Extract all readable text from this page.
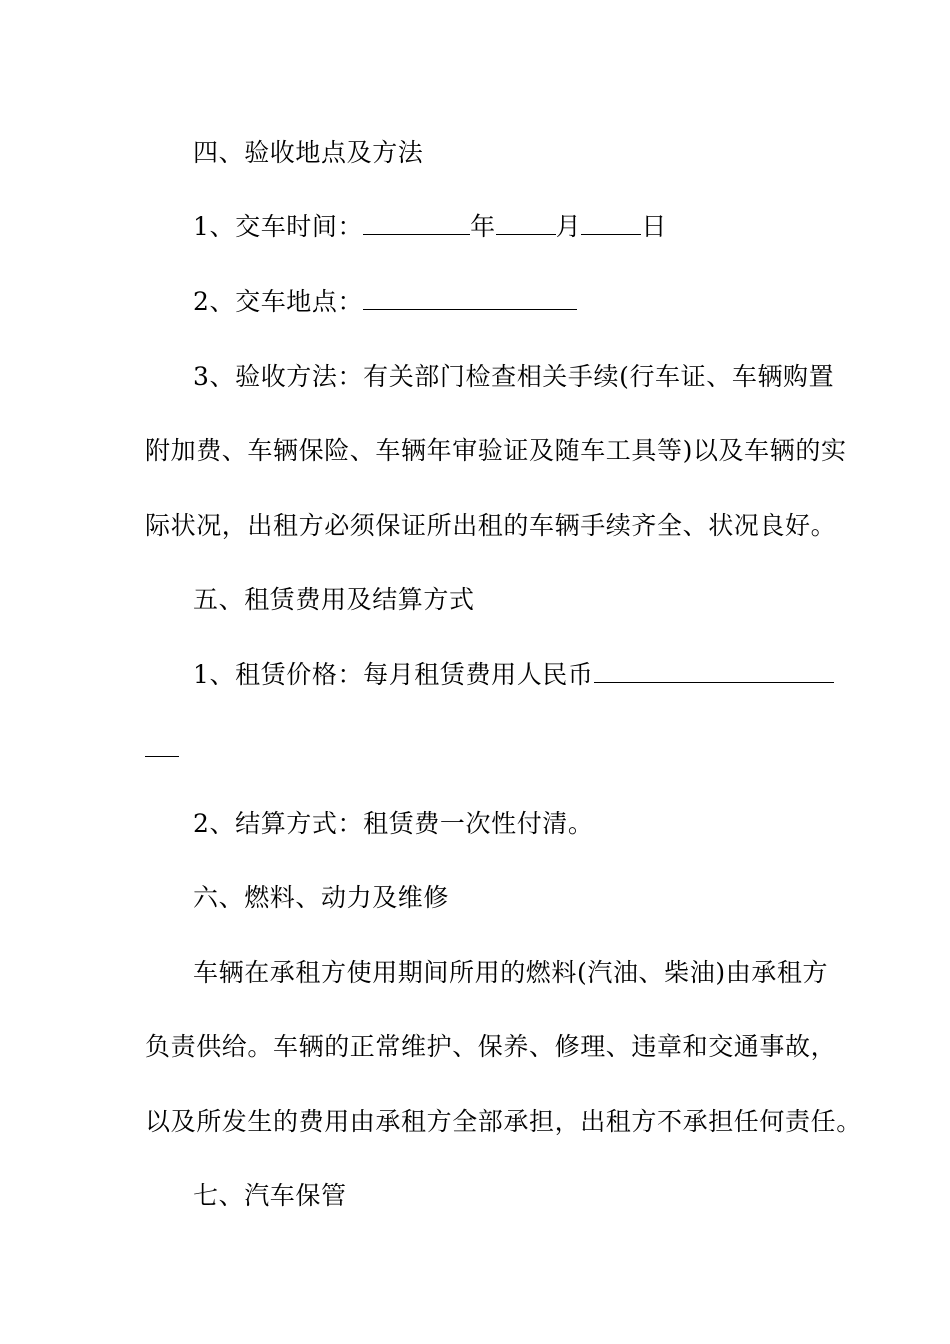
四、验收地点及方法
1、交车时间：	年 月 日
2、交车地点：
3、验收方法：有关部门检查相关手续(行车证、车辆购置
附加费、车辆保险、车辆年审验证及随车工具等)以及车辆的实
际状况，出租方必须保证所出租的车辆手续齐全、状况良好。
五、租赁费用及结算方式
1、租赁价格：每月租赁费用人民币
2、结算方式：租赁费一次性付清。
六、燃料、动力及维修
车辆在承租方使用期间所用的燃料(汽油、柴油)由承租方
负责供给。车辆的正常维护、保养、修理、违章和交通事故，
以及所发生的费用由承租方全部承担，出租方不承担任何责任。
七、汽车保管
